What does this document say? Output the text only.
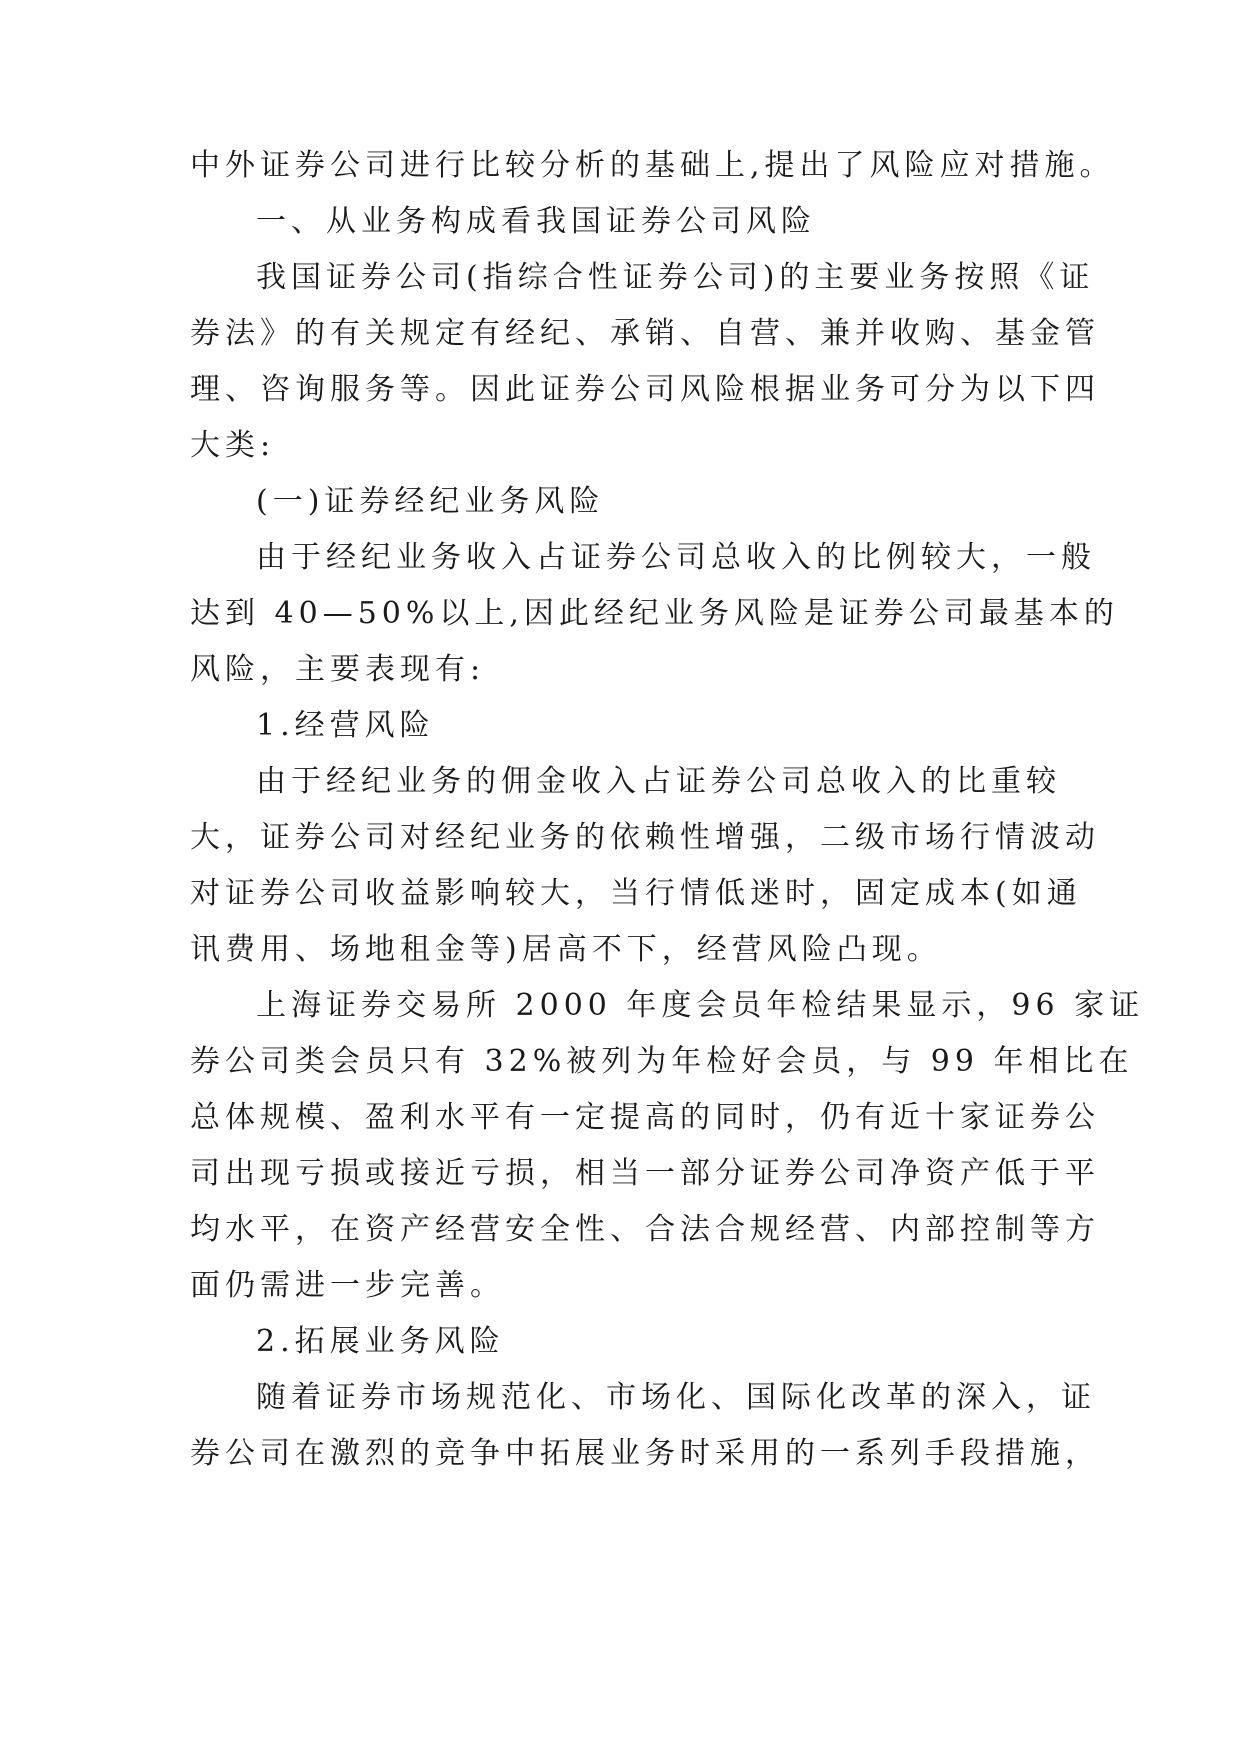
中外证券公司进行比较分析的基础上,提出了风险应对措施。
一、从业务构成看我国证券公司风险
我国证券公司(指综合性证券公司)的主要业务按照《证
券法》的有关规定有经纪、承销、自营、兼并收购、基金管
理、咨询服务等。因此证券公司风险根据业务可分为以下四
大类:
(一)证券经纪业务风险
由于经纪业务收入占证券公司总收入的比例较大，一般
达到 40—50%以上,因此经纪业务风险是证券公司最基本的
风险，主要表现有:
1.经营风险
由于经纪业务的佣金收入占证券公司总收入的比重较
大，证券公司对经纪业务的依赖性增强，二级市场行情波动
对证券公司收益影响较大，当行情低迷时，固定成本(如通
讯费用、场地租金等)居高不下，经营风险凸现。
上海证券交易所 2000 年度会员年检结果显示，96 家证
券公司类会员只有 32%被列为年检好会员，与 99 年相比在
总体规模、盈利水平有一定提高的同时，仍有近十家证券公
司出现亏损或接近亏损，相当一部分证券公司净资产低于平
均水平，在资产经营安全性、合法合规经营、内部控制等方
面仍需进一步完善。
2.拓展业务风险
随着证券市场规范化、市场化、国际化改革的深入，证
券公司在激烈的竞争中拓展业务时采用的一系列手段措施，
